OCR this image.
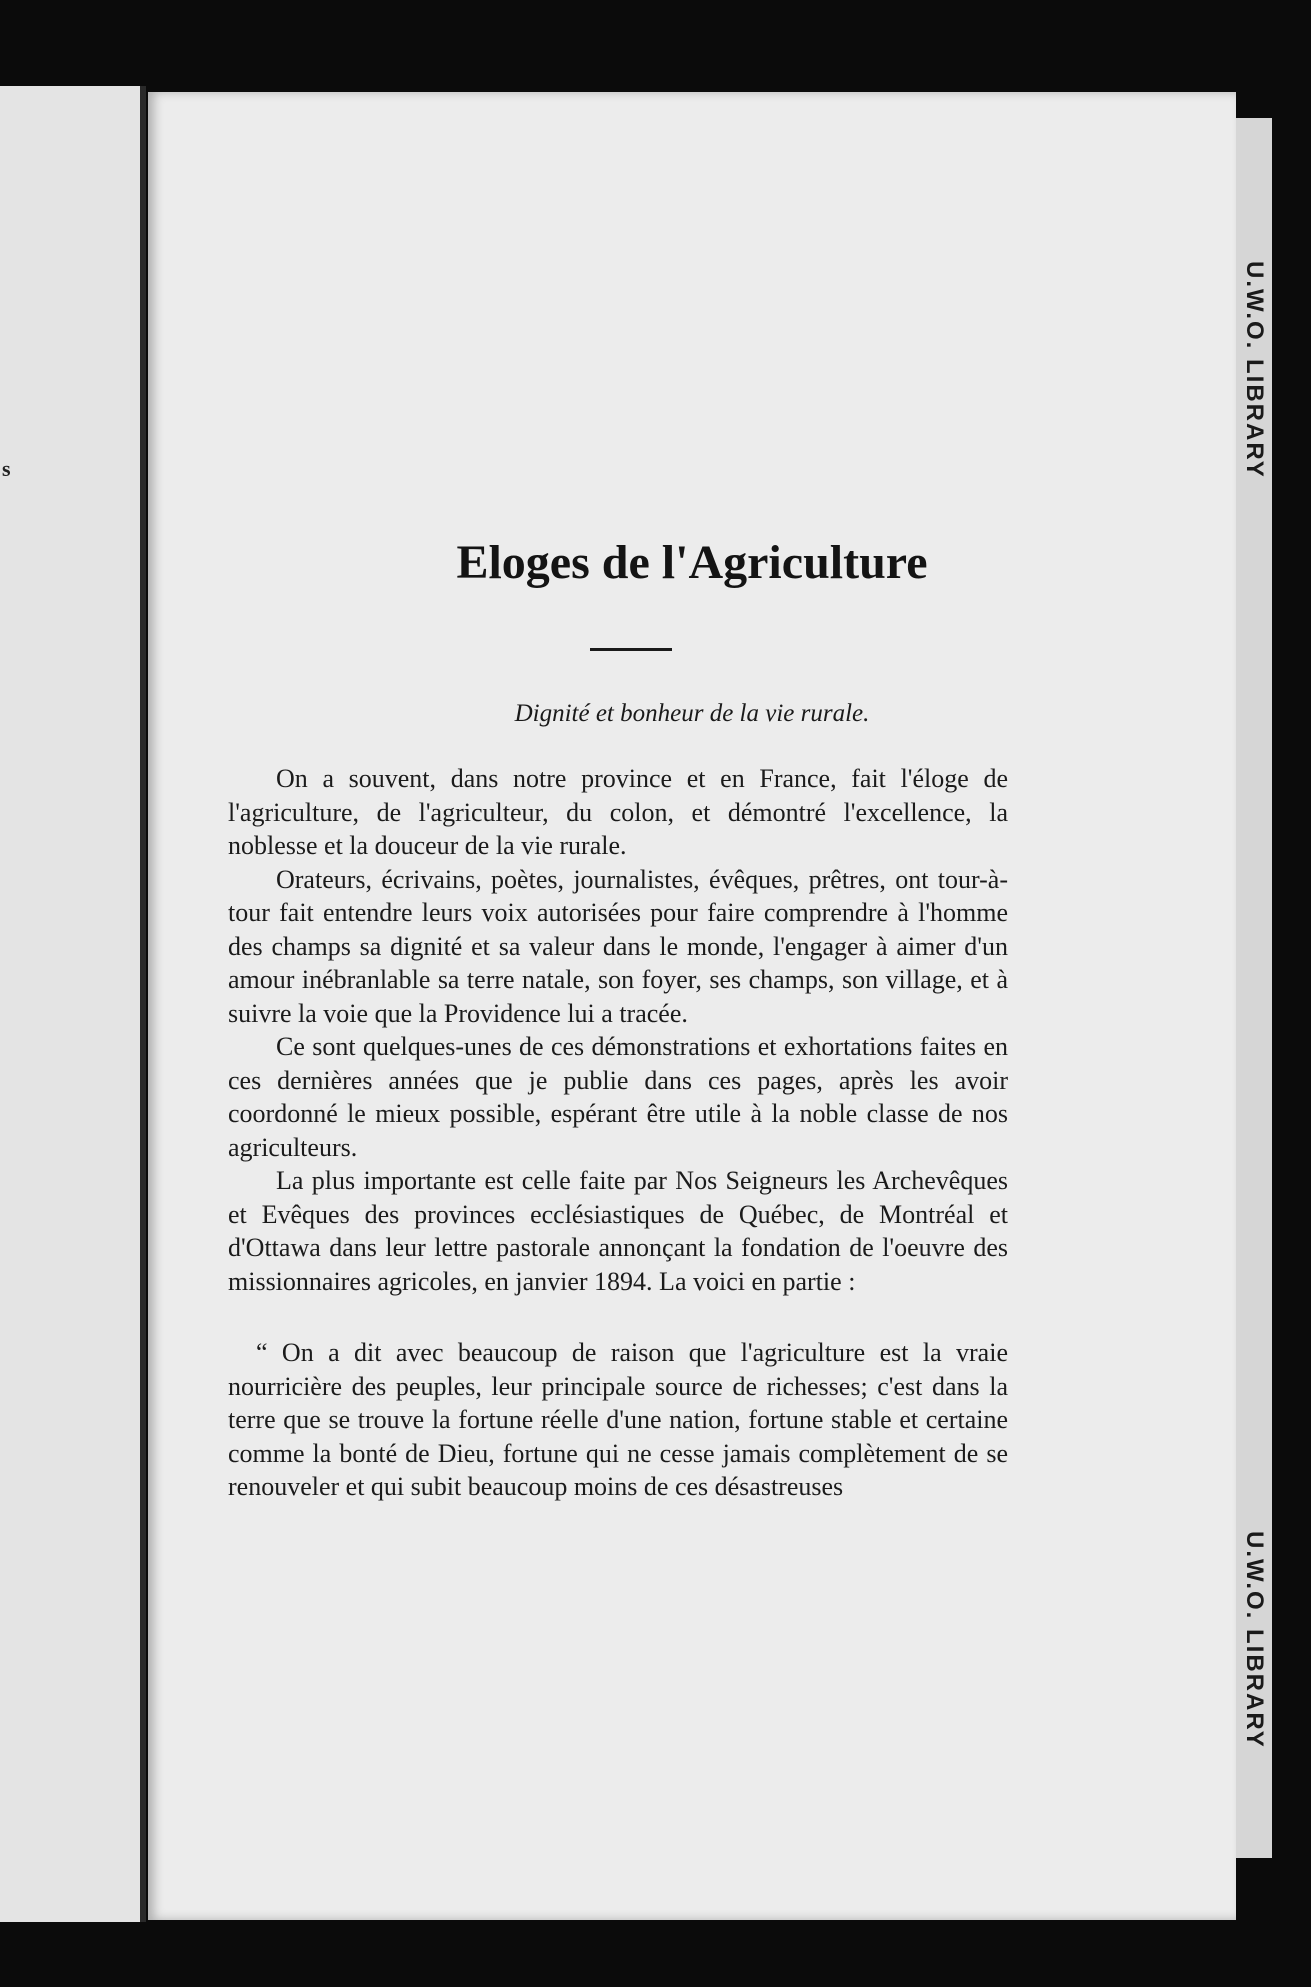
s	U.W.O. LIBRARY
U.W.O. LIBRARY
Eloges de l'Agriculture
Dignité et bonheur de la vie rurale.

On a souvent, dans notre province et en France, fait l'éloge de l'agriculture, de l'agriculteur, du colon, et démontré l'excellence, la noblesse et la douceur de la vie rurale.

Orateurs, écrivains, poètes, journalistes, évêques, prêtres, ont tour-à-tour fait entendre leurs voix autorisées pour faire comprendre à l'homme des champs sa dignité et sa valeur dans le monde, l'engager à aimer d'un amour inébranlable sa terre natale, son foyer, ses champs, son village, et à suivre la voie que la Providence lui a tracée.

Ce sont quelques-unes de ces démonstrations et exhortations faites en ces dernières années que je publie dans ces pages, après les avoir coordonné le mieux possible, espérant être utile à la noble classe de nos agriculteurs.

La plus importante est celle faite par Nos Seigneurs les Archevêques et Evêques des provinces ecclésiastiques de Québec, de Montréal et d'Ottawa dans leur lettre pastorale annonçant la fondation de l'oeuvre des missionnaires agricoles, en janvier 1894. La voici en partie :

“ On a dit avec beaucoup de raison que l'agriculture est la vraie nourricière des peuples, leur principale source de richesses; c'est dans la terre que se trouve la fortune réelle d'une nation, fortune stable et certaine comme la bonté de Dieu, fortune qui ne cesse jamais complètement de se renouveler et qui subit beaucoup moins de ces désastreuses
